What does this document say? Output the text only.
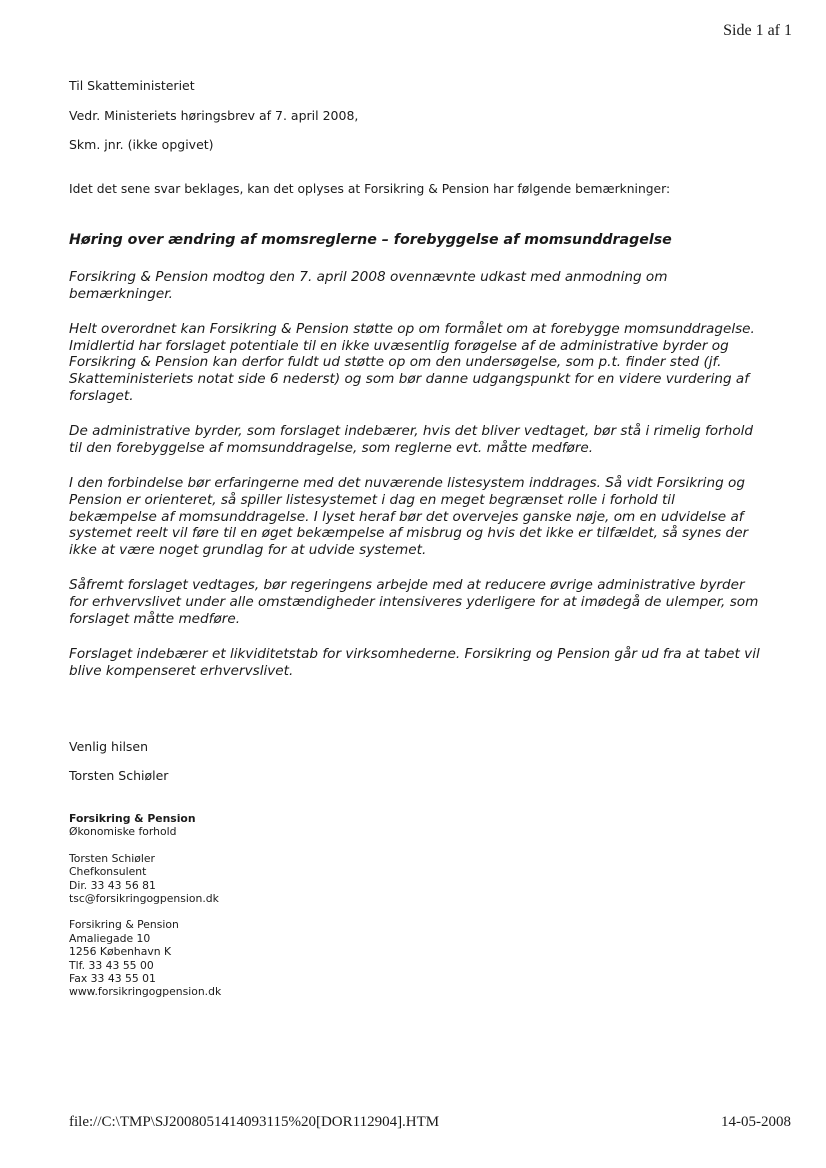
Side 1 af 1
Til Skatteministeriet
Vedr. Ministeriets høringsbrev af 7. april 2008,
Skm. jnr. (ikke opgivet)
Idet det sene svar beklages, kan det oplyses at Forsikring & Pension har følgende bemærkninger:
Høring over ændring af momsreglerne – forebyggelse af momsunddragelse
Forsikring & Pension modtog den 7. april 2008 ovennævnte udkast med anmodning om
bemærkninger.
Helt overordnet kan Forsikring & Pension støtte op om formålet om at forebygge momsunddragelse.
Imidlertid har forslaget potentiale til en ikke uvæsentlig forøgelse af de administrative byrder og
Forsikring & Pension kan derfor fuldt ud støtte op om den undersøgelse, som p.t. finder sted (jf.
Skatteministeriets notat side 6 nederst) og som bør danne udgangspunkt for en videre vurdering af
forslaget.
De administrative byrder, som forslaget indebærer, hvis det bliver vedtaget, bør stå i rimelig forhold
til den forebyggelse af momsunddragelse, som reglerne evt. måtte medføre.
I den forbindelse bør erfaringerne med det nuværende listesystem inddrages. Så vidt Forsikring og
Pension er orienteret, så spiller listesystemet i dag en meget begrænset rolle i forhold til
bekæmpelse af momsunddragelse. I lyset heraf bør det overvejes ganske nøje, om en udvidelse af
systemet reelt vil føre til en øget bekæmpelse af misbrug og hvis det ikke er tilfældet, så synes der
ikke at være noget grundlag for at udvide systemet.
Såfremt forslaget vedtages, bør regeringens arbejde med at reducere øvrige administrative byrder
for erhvervslivet under alle omstændigheder intensiveres yderligere for at imødegå de ulemper, som
forslaget måtte medføre.
Forslaget indebærer et likviditetstab for virksomhederne. Forsikring og Pension går ud fra at tabet vil
blive kompenseret erhvervslivet.
Venlig hilsen
Torsten Schiøler
Forsikring & Pension
Økonomiske forhold
Torsten Schiøler
Chefkonsulent
Dir. 33 43 56 81
tsc@forsikringogpension.dk
Forsikring & Pension
Amaliegade 10
1256 København K
Tlf. 33 43 55 00
Fax 33 43 55 01
www.forsikringogpension.dk
file://C:\TMP\SJ2008051414093115%20[DOR112904].HTM	14-05-2008
